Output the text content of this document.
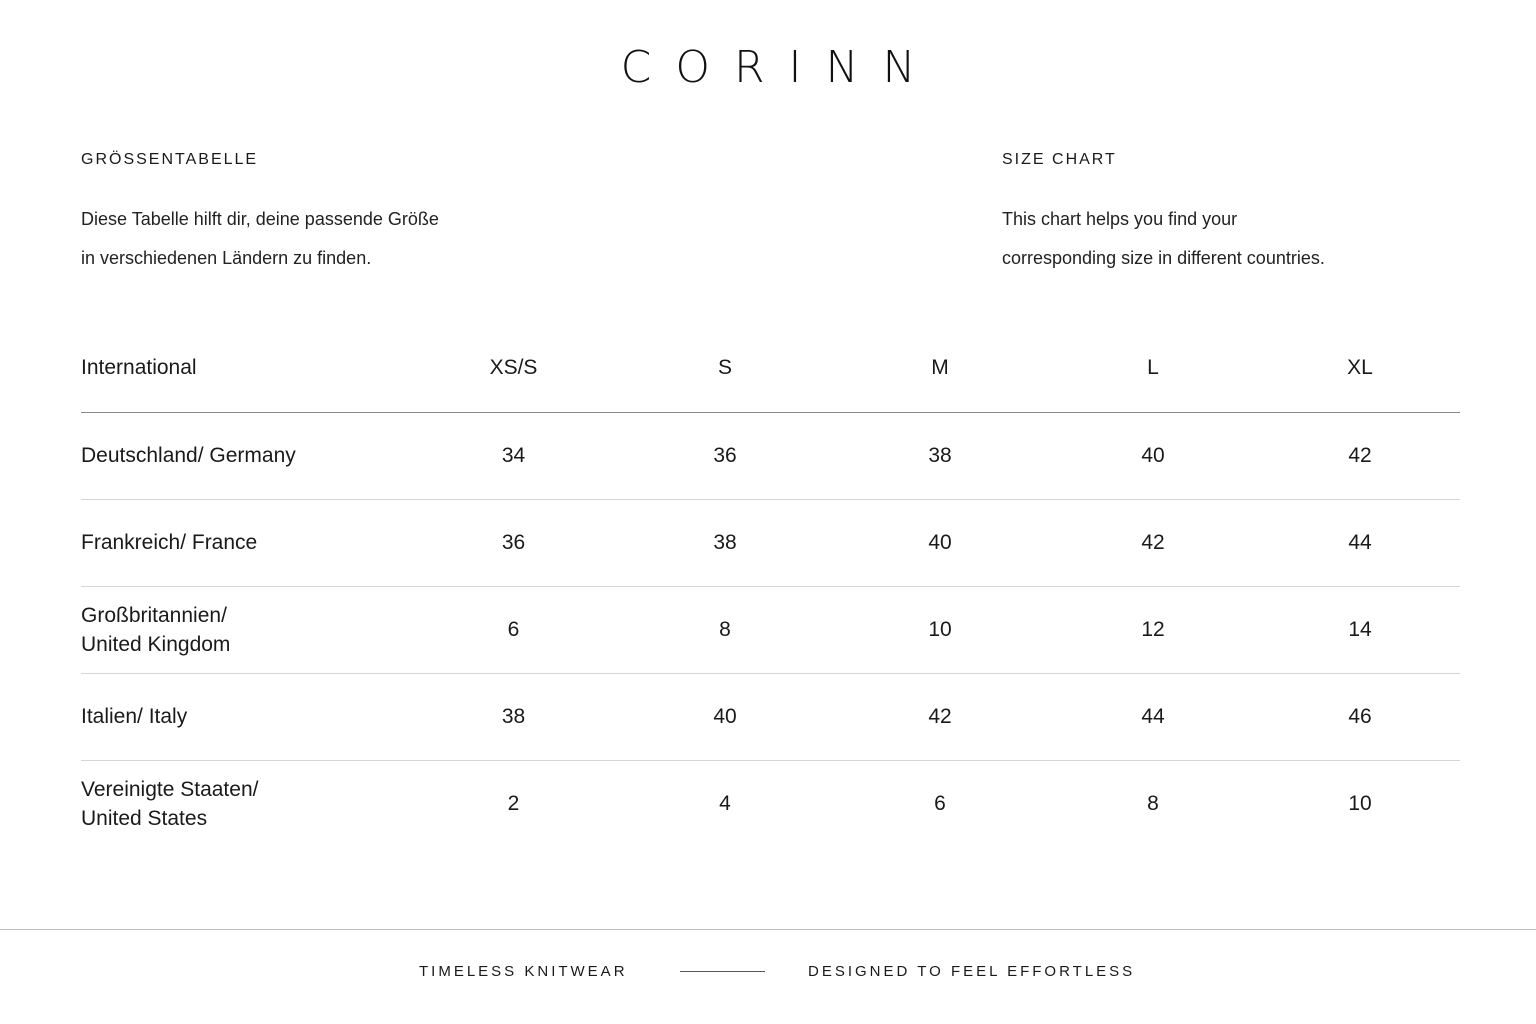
CORINN
GRÖSSENTABELLE

Diese Tabelle hilft dir, deine passende Größe

in verschiedenen Ländern zu finden.

SIZE CHART

This chart helps you find your

corresponding size in different countries.

International	XS/S	S	M	L	XL
Deutschland/ Germany	34	36	38	40	42
Frankreich/ France	36	38	40	42	44
Großbritannien/
United Kingdom	6	8	10	12	14
Italien/ Italy	38	40	42	44	46
Vereinigte Staaten/
United States	2	4	6	8	10
TIMELESS KNITWEAR	DESIGNED TO FEEL EFFORTLESS
